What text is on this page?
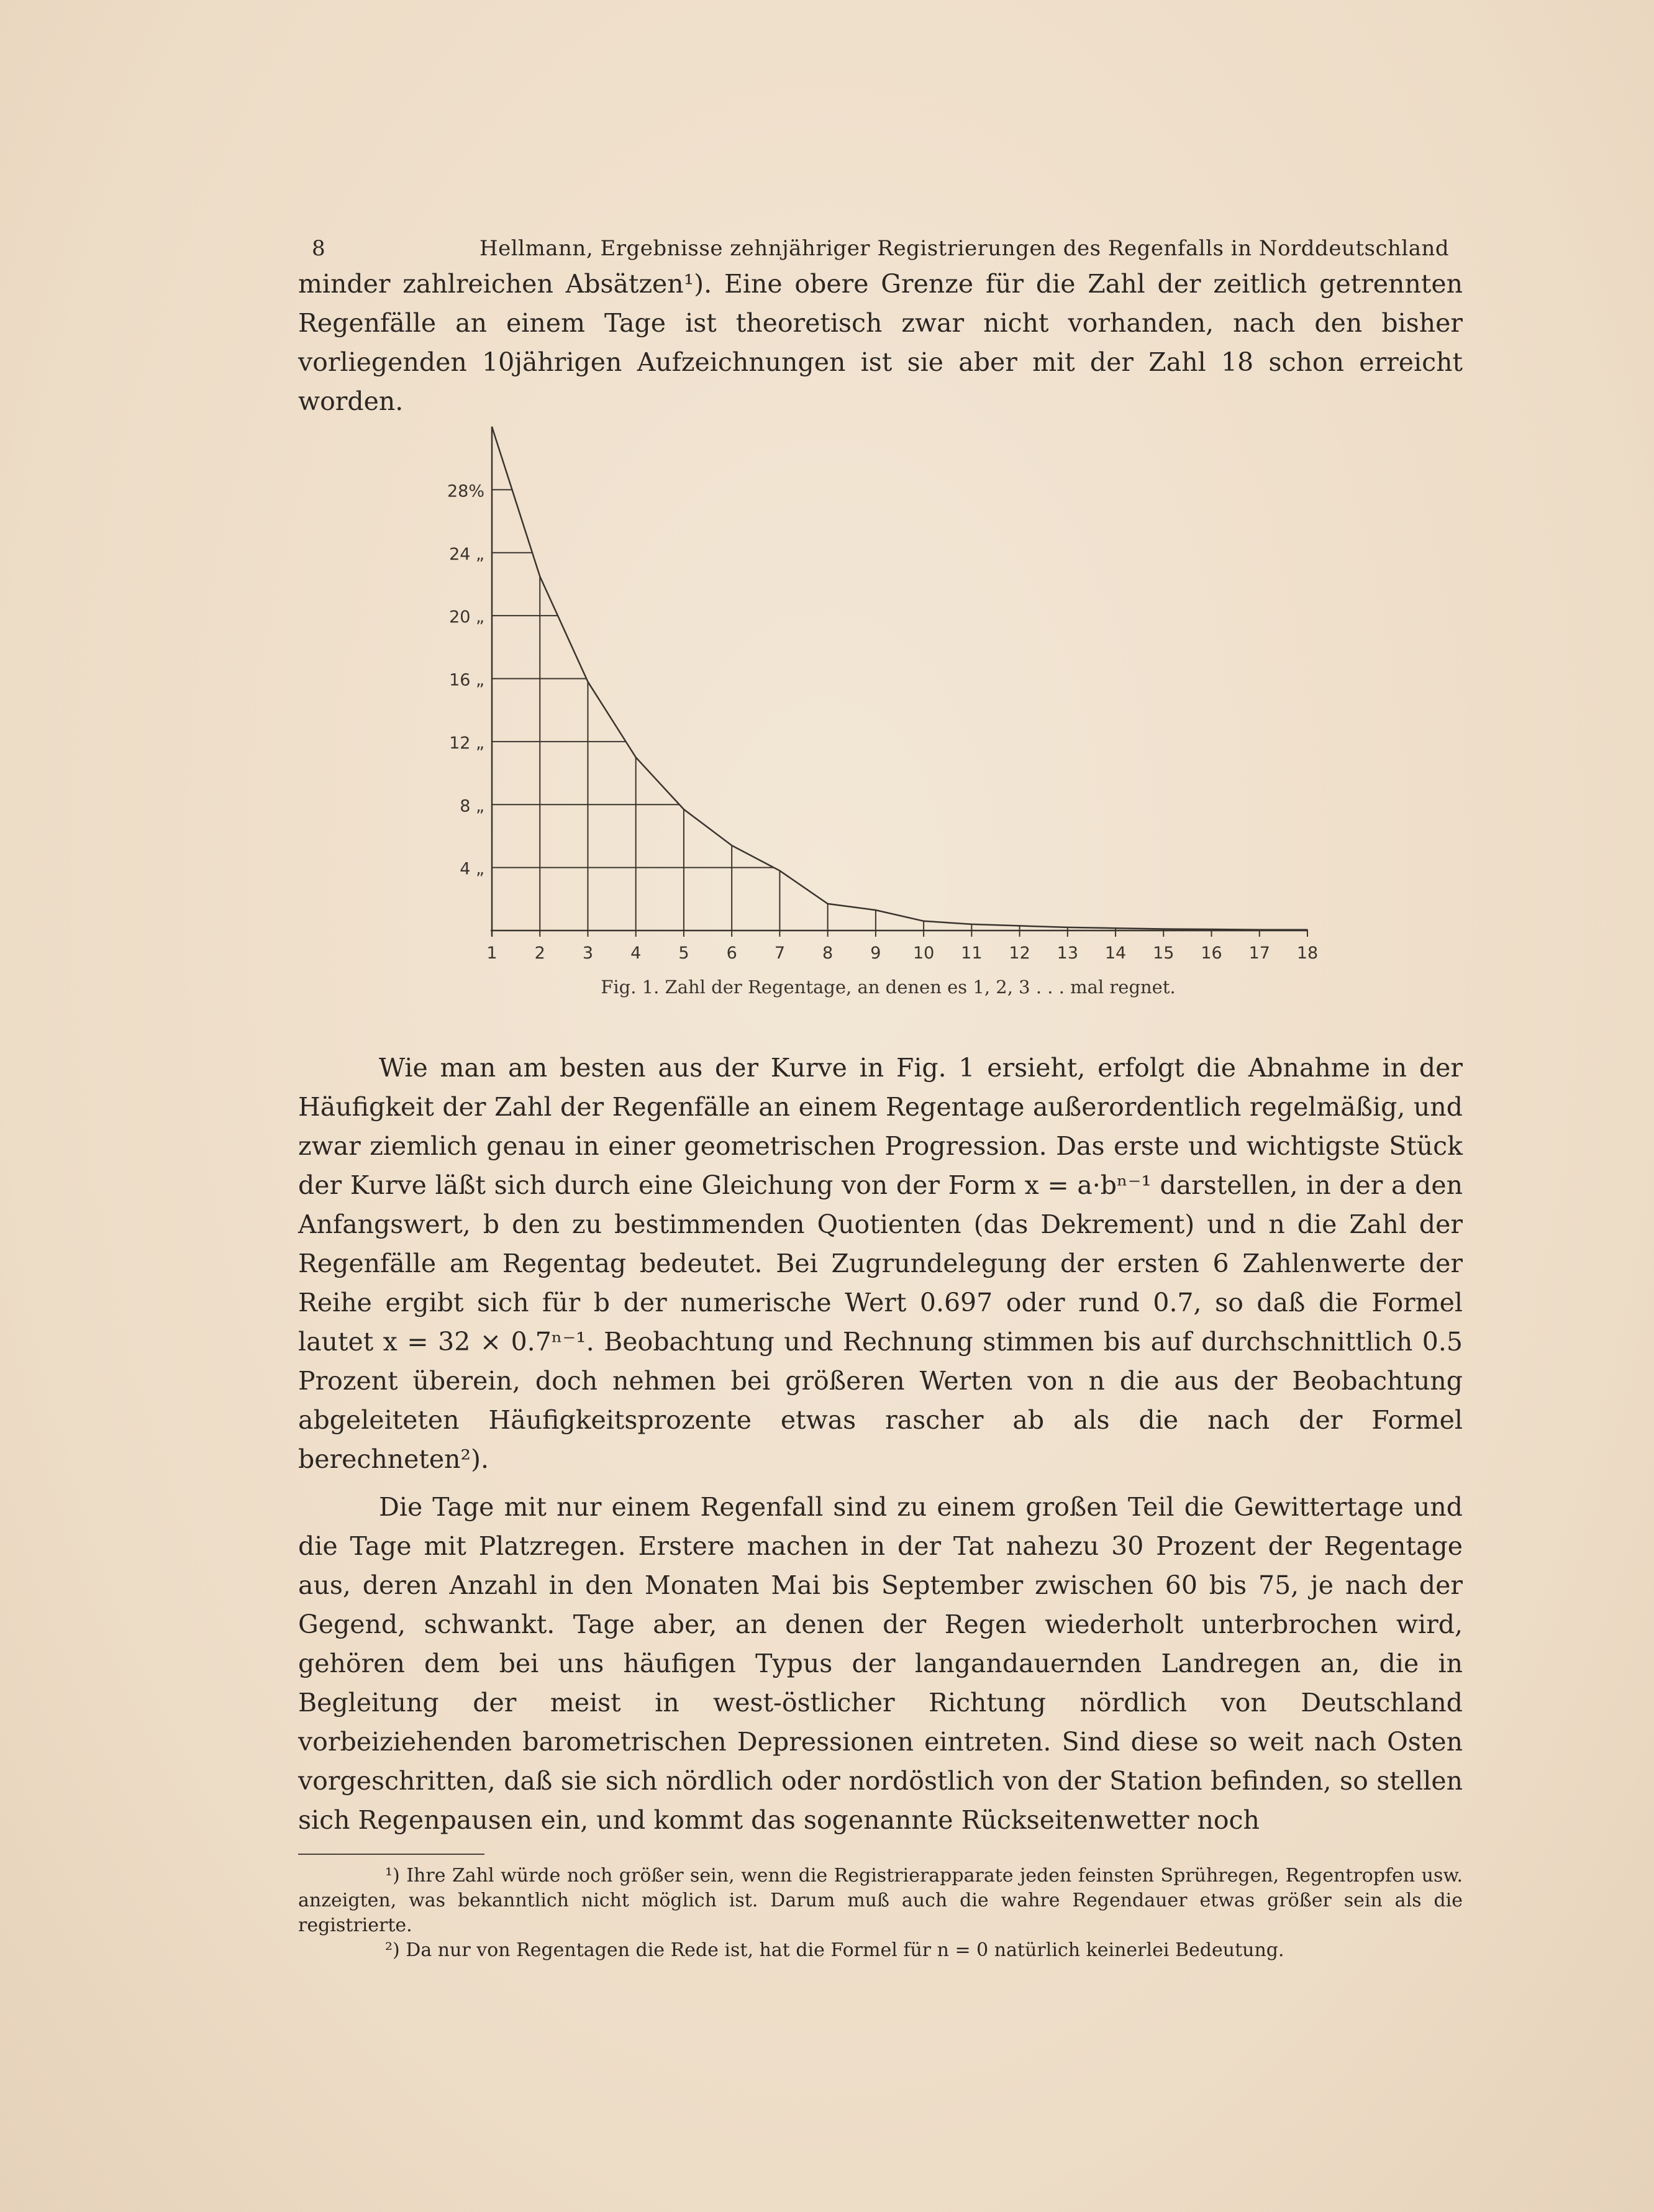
8	Hellmann, Ergebnisse zehnjähriger Registrierungen des Regenfalls in Norddeutschland

minder zahlreichen Absätzen¹). Eine obere Grenze für die Zahl der zeitlich getrennten Regenfälle an einem Tage ist theoretisch zwar nicht vorhanden, nach den bisher vorliegenden 10jährigen Aufzeichnungen ist sie aber mit der Zahl 18 schon erreicht worden.

4 „
8 „
12 „
16 „
20 „
24 „
28%
1 2 3 4 5 6 7 8 9 10 11 12 13 14 15 16 17 18
Fig. 1. Zahl der Regentage, an denen es 1, 2, 3 . . . mal regnet.

Wie man am besten aus der Kurve in Fig. 1 ersieht, erfolgt die Abnahme in der Häufigkeit der Zahl der Regenfälle an einem Regentage außerordentlich regelmäßig, und zwar ziemlich genau in einer geometrischen Progression. Das erste und wichtigste Stück der Kurve läßt sich durch eine Gleichung von der Form x = a·bⁿ⁻¹ darstellen, in der a den Anfangswert, b den zu bestimmenden Quotienten (das Dekrement) und n die Zahl der Regenfälle am Regentag bedeutet. Bei Zugrundelegung der ersten 6 Zahlenwerte der Reihe ergibt sich für b der numerische Wert 0.697 oder rund 0.7, so daß die Formel lautet x = 32 × 0.7ⁿ⁻¹. Beobachtung und Rechnung stimmen bis auf durchschnittlich 0.5 Prozent überein, doch nehmen bei größeren Werten von n die aus der Beobachtung abgeleiteten Häufigkeitsprozente etwas rascher ab als die nach der Formel berechneten²).

Die Tage mit nur einem Regenfall sind zu einem großen Teil die Gewittertage und die Tage mit Platzregen. Erstere machen in der Tat nahezu 30 Prozent der Regentage aus, deren Anzahl in den Monaten Mai bis September zwischen 60 bis 75, je nach der Gegend, schwankt. Tage aber, an denen der Regen wiederholt unterbrochen wird, gehören dem bei uns häufigen Typus der langandauernden Landregen an, die in Begleitung der meist in west-östlicher Richtung nördlich von Deutschland vorbeiziehenden barometrischen Depressionen eintreten. Sind diese so weit nach Osten vorgeschritten, daß sie sich nördlich oder nordöstlich von der Station befinden, so stellen sich Regenpausen ein, und kommt das sogenannte Rückseitenwetter noch

¹) Ihre Zahl würde noch größer sein, wenn die Registrierapparate jeden feinsten Sprühregen, Regentropfen usw. anzeigten, was bekanntlich nicht möglich ist. Darum muß auch die wahre Regendauer etwas größer sein als die registrierte.

²) Da nur von Regentagen die Rede ist, hat die Formel für n = 0 natürlich keinerlei Bedeutung.
